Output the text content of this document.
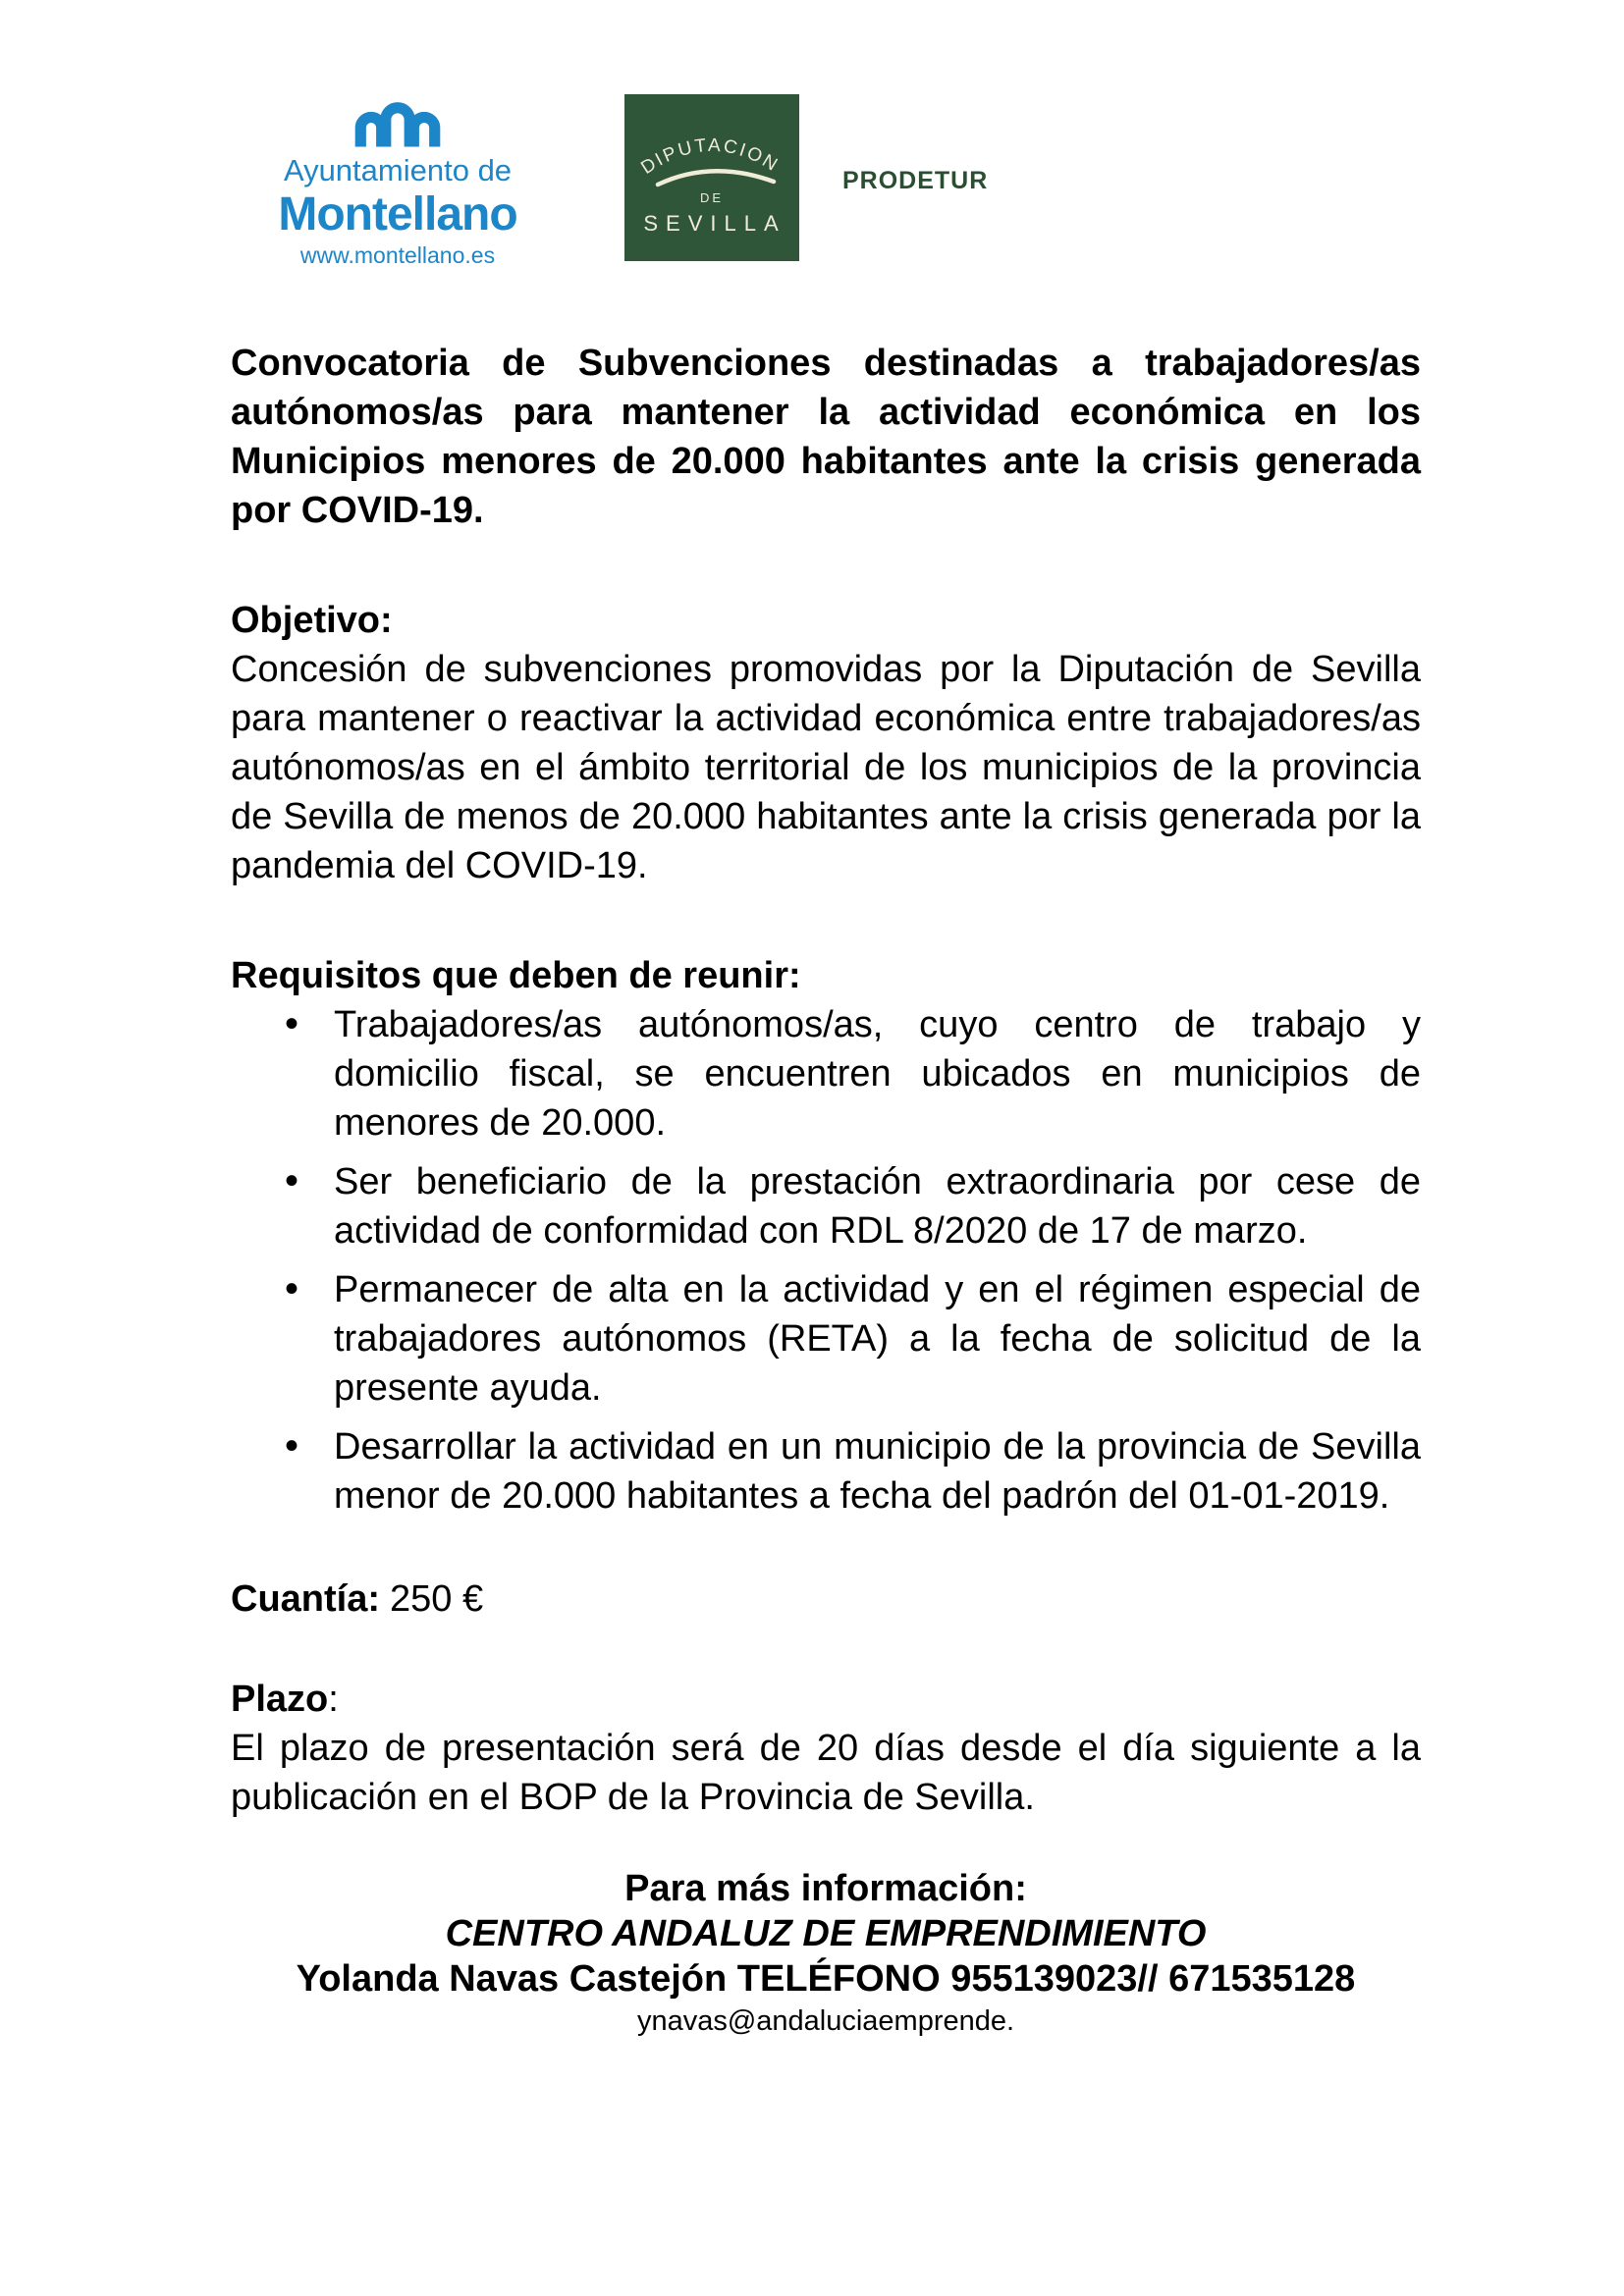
Ayuntamiento de
Montellano
www.montellano.es
DIPUTACION
DE
SEVILLA
PRODETUR

Convocatoria de Subvenciones destinadas a trabajadores/as autónomos/as para mantener la actividad económica en los Municipios menores de 20.000 habitantes ante la crisis generada por COVID-19.

Objetivo:

Concesión de subvenciones promovidas por la Diputación de Sevilla para mantener o reactivar la actividad económica entre trabajadores/as autónomos/as en el ámbito territorial de los municipios de la provincia de Sevilla de menos de 20.000 habitantes ante la crisis generada por la pandemia del COVID-19.

Requisitos que deben de reunir:

• Trabajadores/as autónomos/as, cuyo centro de trabajo y domicilio fiscal, se encuentren ubicados en municipios de menores de 20.000.
• Ser beneficiario de la prestación extraordinaria por cese de actividad de conformidad con RDL 8/2020 de 17 de marzo.
• Permanecer de alta en la actividad y en el régimen especial de trabajadores autónomos (RETA) a la fecha de solicitud de la presente ayuda.
• Desarrollar la actividad en un municipio de la provincia de Sevilla menor de 20.000 habitantes a fecha del padrón del 01-01-2019.

Cuantía: 250 €

Plazo:

El plazo de presentación será de 20 días desde el día siguiente a la publicación en el BOP de la Provincia de Sevilla.

Para más información:
CENTRO ANDALUZ DE EMPRENDIMIENTO
Yolanda Navas Castejón TELÉFONO 955139023// 671535128
ynavas@andaluciaemprende.
